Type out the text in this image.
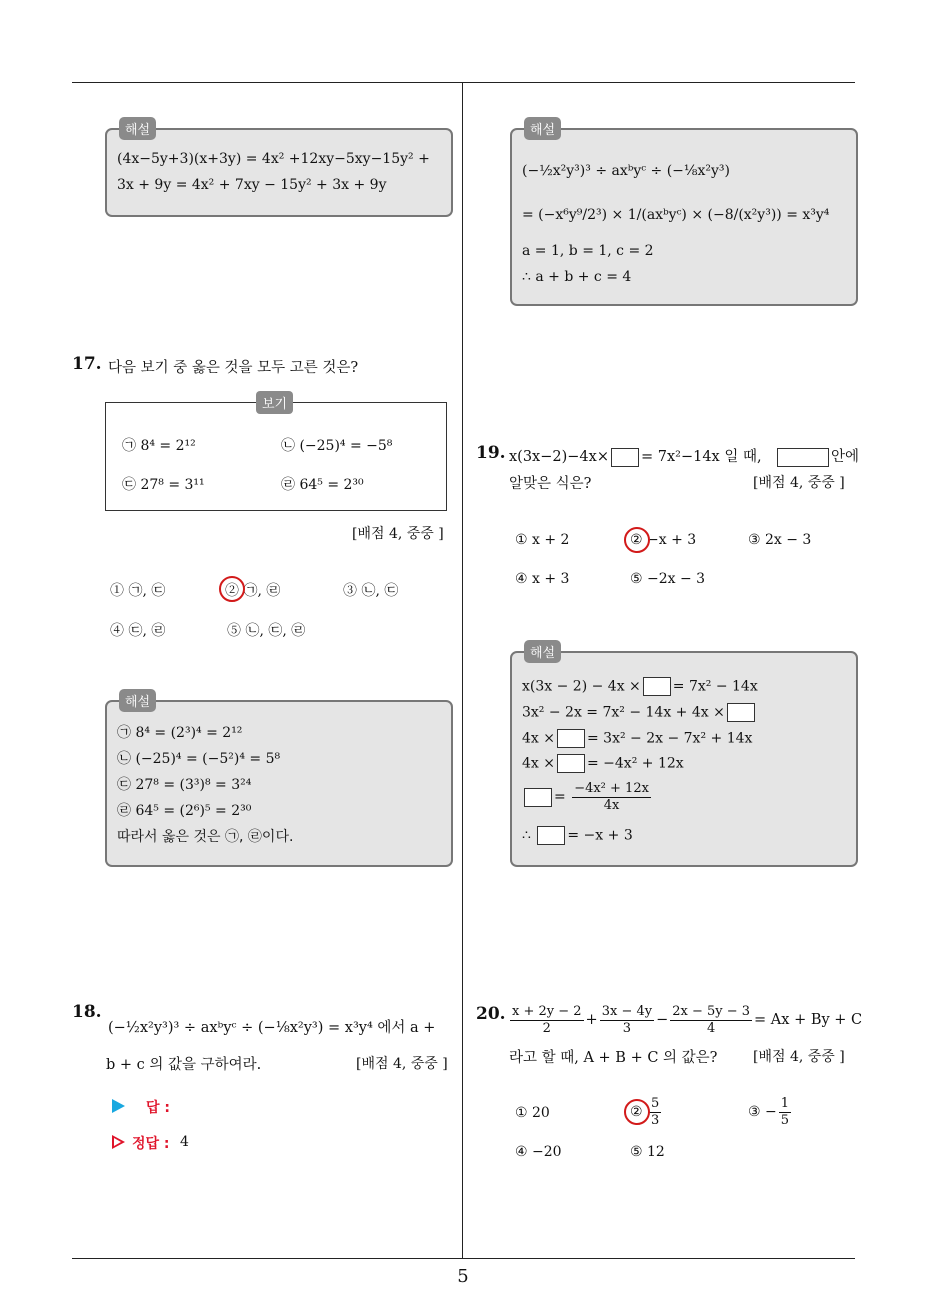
5
해설
(4x−5y+3)(x+3y) = 4x² +12xy−5xy−15y² +
3x + 9y = 4x² + 7xy − 15y² + 3x + 9y
17. 다음 보기 중 옳은 것을 모두 고른 것은?
보기
㉠ 8⁴ = 2¹²	㉡ (−25)⁴ = −5⁸
㉢ 27⁸ = 3¹¹	㉣ 64⁵ = 2³⁰
[배점 4, 중중 ]
① ㉠, ㉢	② ㉠, ㉣	③ ㉡, ㉢
④ ㉢, ㉣	⑤ ㉡, ㉢, ㉣
해설
㉠ 8⁴ = (2³)⁴ = 2¹²
㉡ (−25)⁴ = (−5²)⁴ = 5⁸
㉢ 27⁸ = (3³)⁸ = 3²⁴
㉣ 64⁵ = (2⁶)⁵ = 2³⁰
따라서 옳은 것은 ㉠, ㉣이다.
18.
(−½x²y³)³ ÷ axᵇyᶜ ÷ (−⅛x²y³) = x³y⁴ 에서 a +
b + c 의 값을 구하여라.	[배점 4, 중중 ]
답 :
정답 : 4
해설
(−½x²y³)³ ÷ axᵇyᶜ ÷ (−⅛x²y³)
= (−x⁶y⁹/2³) × 1/(axᵇyᶜ) × (−8/(x²y³)) = x³y⁴
a = 1, b = 1, c = 2
∴ a + b + c = 4
19. x(3x−2)−4x× = 7x²−14x 일 때,	안에
알맞은 식은?	[배점 4, 중중 ]
① x + 2	② −x + 3	③ 2x − 3
④ x + 3	⑤ −2x − 3
해설
x(3x − 2) − 4x × = 7x² − 14x
3x² − 2x = 7x² − 14x + 4x ×
4x × = 3x² − 2x − 7x² + 14x
4x × = −4x² + 12x
= $\frac{\text{−4x² + 12x}}{4x}$
∴	= −x + 3
20. $\frac{x + 2y - 2}{2} + \frac{3x - 4y}{3} - \frac{2x - 5y - 3}{4} = Ax + By + C$
라고 할 때, A + B + C 의 값은?	[배점 4, 중중 ]
① 20	② $\frac{5}{3}$	③ − $\frac{1}{5}$
④ −20	⑤ 12
